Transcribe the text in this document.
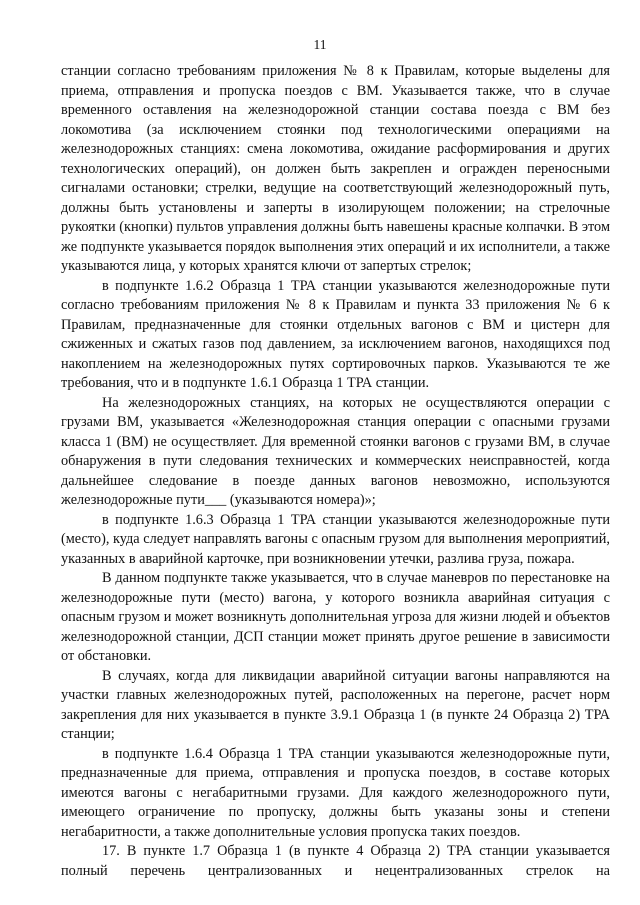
11

станции согласно требованиям приложения № 8 к Правилам, которые выделены для приема, отправления и пропуска поездов с ВМ. Указывается также, что в случае временного оставления на железнодорожной станции состава поезда с ВМ без локомотива (за исключением стоянки под технологическими операциями на железнодорожных станциях: смена локомотива, ожидание расформирования и других технологических операций), он должен быть закреплен и огражден переносными сигналами остановки; стрелки, ведущие на соответствующий железнодорожный путь, должны быть установлены и заперты в изолирующем положении; на стрелочные рукоятки (кнопки) пультов управления должны быть навешены красные колпачки. В этом же подпункте указывается порядок выполнения этих операций и их исполнители, а также указываются лица, у которых хранятся ключи от запертых стрелок;

в подпункте 1.6.2 Образца 1 ТРА станции указываются железнодорожные пути согласно требованиям приложения № 8 к Правилам и пункта 33 приложения № 6 к Правилам, предназначенные для стоянки отдельных вагонов с ВМ и цистерн для сжиженных и сжатых газов под давлением, за исключением вагонов, находящихся под накоплением на железнодорожных путях сортировочных парков. Указываются те же требования, что и в подпункте 1.6.1 Образца 1 ТРА станции.

На железнодорожных станциях, на которых не осуществляются операции с грузами ВМ, указывается «Железнодорожная станция операции с опасными грузами класса 1 (ВМ) не осуществляет. Для временной стоянки вагонов с грузами ВМ, в случае обнаружения в пути следования технических и коммерческих неисправностей, когда дальнейшее следование в поезде данных вагонов невозможно, используются железнодорожные пути___ (указываются номера)»;

в подпункте 1.6.3 Образца 1 ТРА станции указываются железнодорожные пути (место), куда следует направлять вагоны с опасным грузом для выполнения мероприятий, указанных в аварийной карточке, при возникновении утечки, разлива груза, пожара.

В данном подпункте также указывается, что в случае маневров по перестановке на железнодорожные пути (место) вагона, у которого возникла аварийная ситуация с опасным грузом и может возникнуть дополнительная угроза для жизни людей и объектов железнодорожной станции, ДСП станции может принять другое решение в зависимости от обстановки.

В случаях, когда для ликвидации аварийной ситуации вагоны направляются на участки главных железнодорожных путей, расположенных на перегоне, расчет норм закрепления для них указывается в пункте 3.9.1 Образца 1 (в пункте 24 Образца 2) ТРА станции;

в подпункте 1.6.4 Образца 1 ТРА станции указываются железнодорожные пути, предназначенные для приема, отправления и пропуска поездов, в составе которых имеются вагоны с негабаритными грузами. Для каждого железнодорожного пути, имеющего ограничение по пропуску, должны быть указаны зоны и степени негабаритности, а также дополнительные условия пропуска таких поездов.

17. В пункте 1.7 Образца 1 (в пункте 4 Образца 2) ТРА станции указывается полный перечень централизованных и нецентрализованных стрелок на
